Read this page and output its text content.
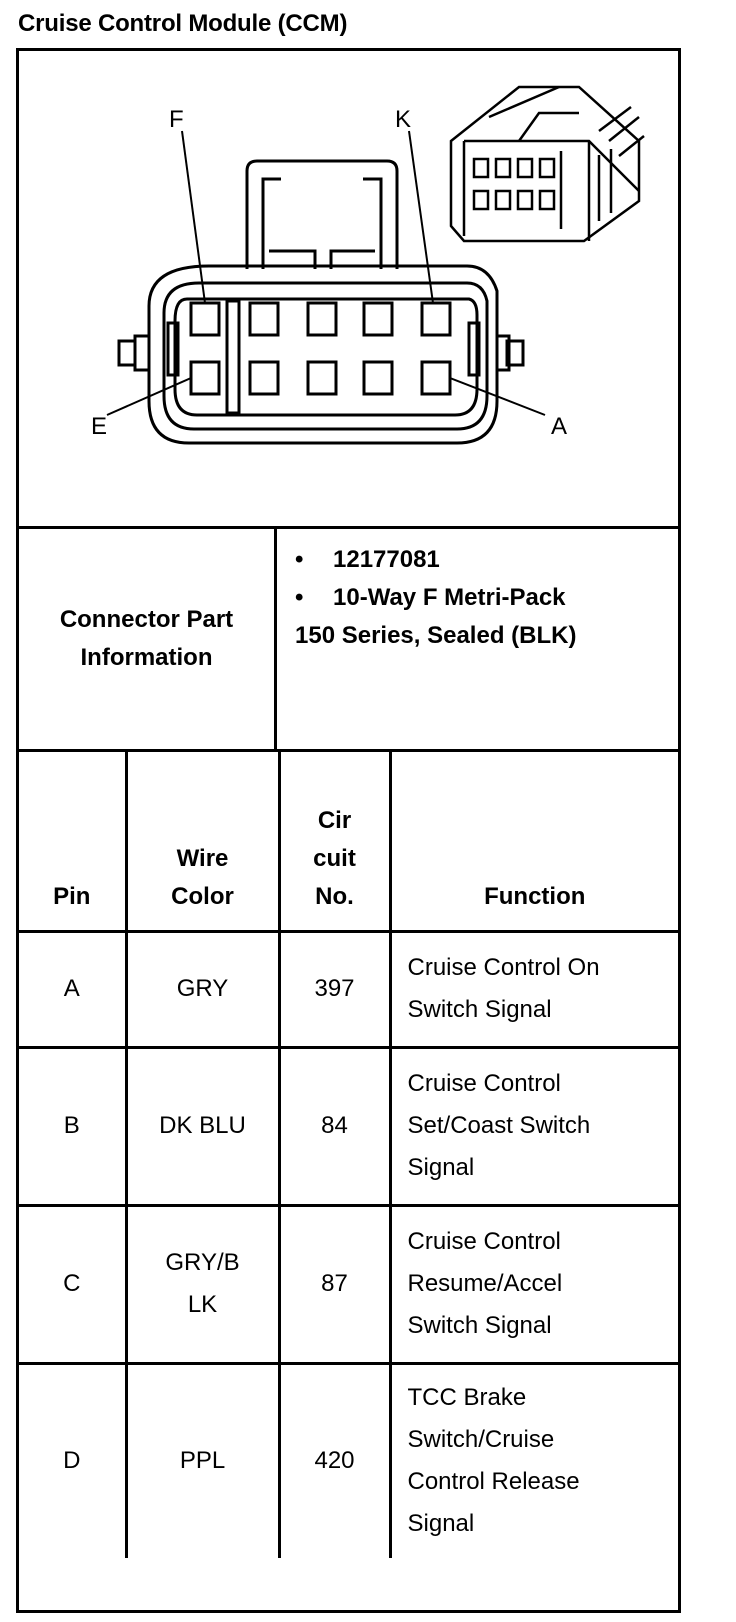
Cruise Control Module (CCM)
F	K
E	A
Connector Part Information
•	12177081
•	10-Way F Metri-Pack
150 Series, Sealed (BLK)
Pin	Wire Color	Cir cuit No.	Function
A	GRY	397	Cruise Control On Switch Signal
B	DK BLU	84	Cruise Control Set/Coast Switch Signal
C	GRY/B LK	87	Cruise Control Resume/Accel Switch Signal
D	PPL	420	TCC Brake Switch/Cruise Control Release Signal
